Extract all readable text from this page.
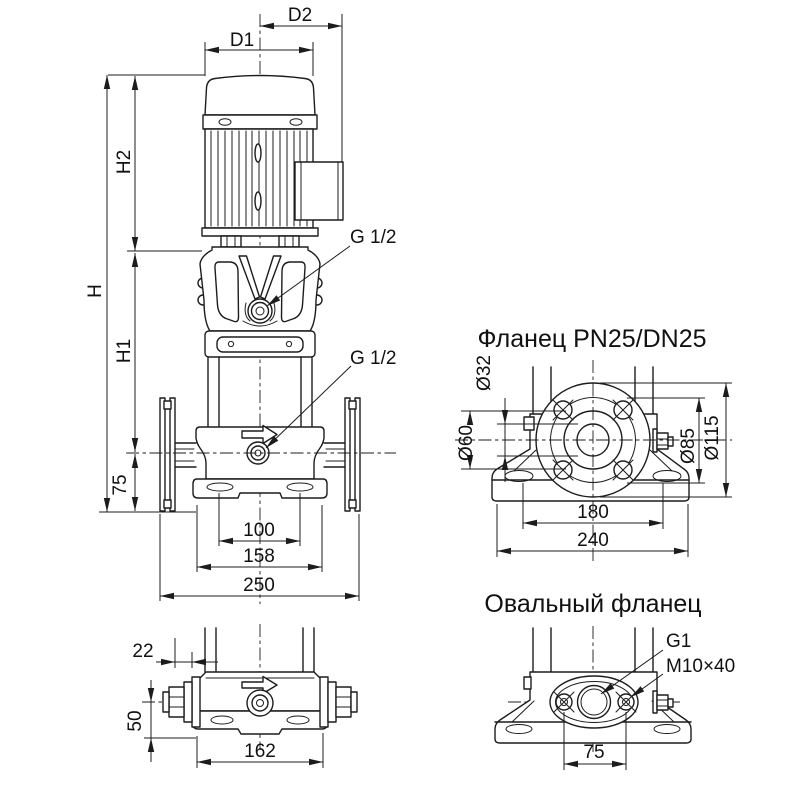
H
H2
H1
75
D1
D2
100
158
250
G 1/2
G 1/2
Фланец PN25/DN25
Ø32
Ø60	Ø85 Ø115
180
240
22
50
162
Овальный фланец
G1
M10×40
75
